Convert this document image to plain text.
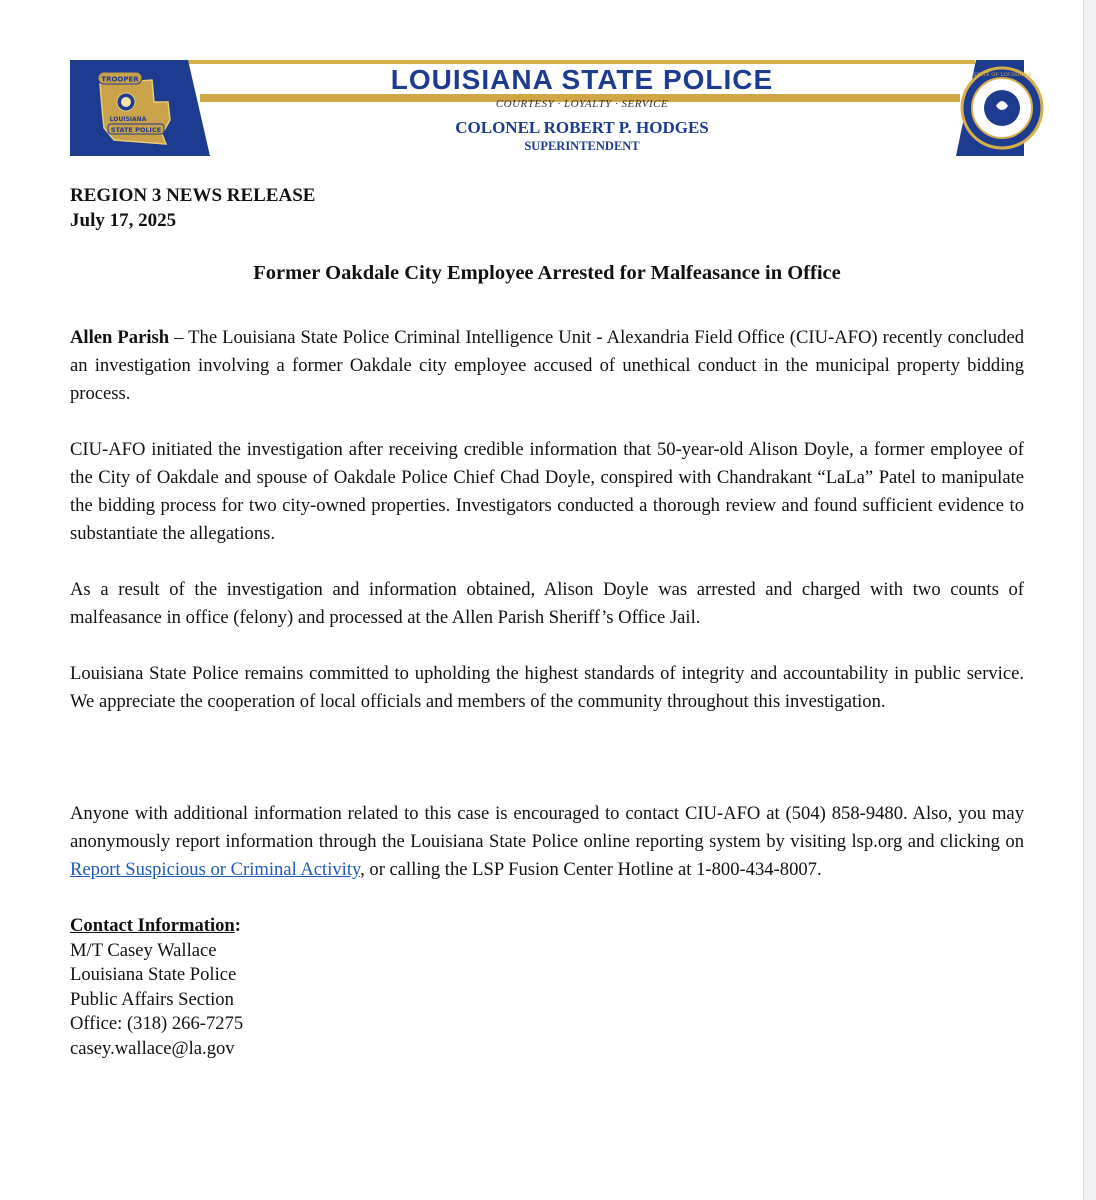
TROOPER
LOUISIANA
STATE POLICE
STATE OF LOUISIANA
LOUISIANA STATE POLICE
COURTESY · LOYALTY · SERVICE
COLONEL ROBERT P. HODGES
SUPERINTENDENT
REGION 3 NEWS RELEASE
July 17, 2025
Former Oakdale City Employee Arrested for Malfeasance in Office

Allen Parish – The Louisiana State Police Criminal Intelligence Unit - Alexandria Field Office (CIU-AFO) recently concluded an investigation involving a former Oakdale city employee accused of unethical conduct in the municipal property bidding process.

CIU-AFO initiated the investigation after receiving credible information that 50-year-old Alison Doyle, a former employee of the City of Oakdale and spouse of Oakdale Police Chief Chad Doyle, conspired with Chandrakant “LaLa” Patel to manipulate the bidding process for two city-owned properties. Investigators conducted a thorough review and found sufficient evidence to substantiate the allegations.

As a result of the investigation and information obtained, Alison Doyle was arrested and charged with two counts of malfeasance in office (felony) and processed at the Allen Parish Sheriff’s Office Jail.

Louisiana State Police remains committed to upholding the highest standards of integrity and accountability in public service. We appreciate the cooperation of local officials and members of the community throughout this investigation.

Anyone with additional information related to this case is encouraged to contact CIU-AFO at (504) 858-9480. Also, you may anonymously report information through the Louisiana State Police online reporting system by visiting lsp.org and clicking on Report Suspicious or Criminal Activity, or calling the LSP Fusion Center Hotline at 1-800-434-8007.

Contact Information:
M/T Casey Wallace
Louisiana State Police
Public Affairs Section
Office: (318) 266-7275
casey.wallace@la.gov
